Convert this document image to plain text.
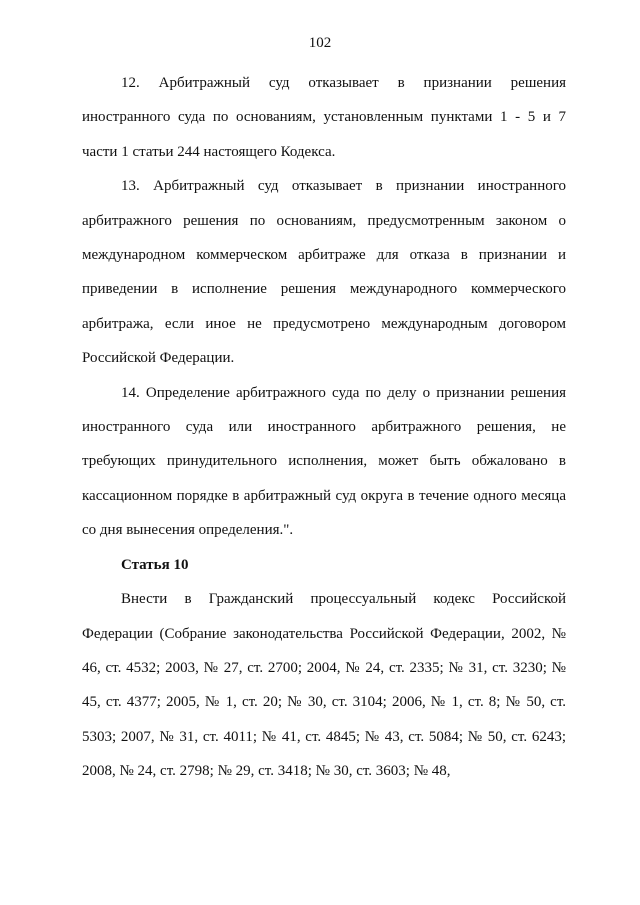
102

12. Арбитражный суд отказывает в признании решения иностранного суда по основаниям, установленным пунктами 1 - 5 и 7 части 1 статьи 244 настоящего Кодекса.

13. Арбитражный суд отказывает в признании иностранного арбитражного решения по основаниям, предусмотренным законом о международном коммерческом арбитраже для отказа в признании и приведении в исполнение решения международного коммерческого арбитража, если иное не предусмотрено международным договором Российской Федерации.

14. Определение арбитражного суда по делу о признании решения иностранного суда или иностранного арбитражного решения, не требующих принудительного исполнения, может быть обжаловано в кассационном порядке в арбитражный суд округа в течение одного месяца со дня вынесения определения.".

Статья 10

Внести в Гражданский процессуальный кодекс Российской Федерации (Собрание законодательства Российской Федерации, 2002, № 46, ст. 4532; 2003, № 27, ст. 2700; 2004, № 24, ст. 2335; № 31, ст. 3230; № 45, ст. 4377; 2005, № 1, ст. 20; № 30, ст. 3104; 2006, № 1, ст. 8; № 50, ст. 5303; 2007, № 31, ст. 4011; № 41, ст. 4845; № 43, ст. 5084; № 50, ст. 6243; 2008, № 24, ст. 2798; № 29, ст. 3418; № 30, ст. 3603; № 48,
